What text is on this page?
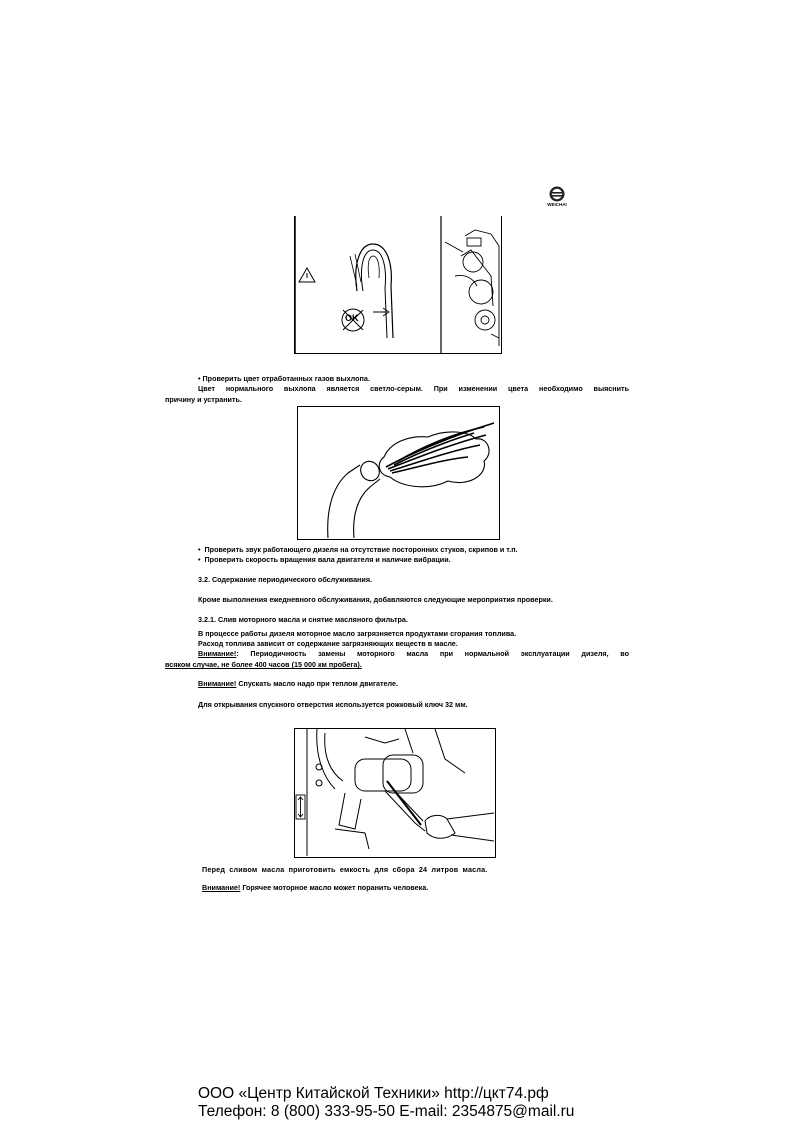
WEICHAI
OK
• Проверить цвет отработанных газов выхлопа.
Цвет нормального выхлопа является светло-серым. При изменении цвета необходимо выяснить
причину и устранить.
•  Проверить звук работающего дизеля на отсутствие посторонних стуков, скрипов и т.п.
•  Проверить скорость вращения вала двигателя и наличие вибрации.
3.2. Содержание периодического обслуживания.
Кроме выполнения ежедневного обслуживания, добавляются следующие мероприятия проверки.
3.2.1. Слив моторного масла и снятие масляного фильтра.
В процессе работы дизеля моторное масло загрязняется продуктами сгорания топлива.
Расход топлива зависит от содержание загрязняющих веществ в масле.
Внимание!: Периодичность замены моторного масла при нормальной эксплуатации дизеля, во
всяком случае, не более 400 часов (15 000 км пробега).
Внимание! Спускать масло надо при теплом двигателе.
Для открывания спускного отверстия используется рожковый ключ 32 мм.
Перед сливом масла приготовить емкость для сбора 24 литров масла.
Внимание! Горячее моторное масло может поранить человека.
ООО «Центр Китайской Техники» http://цкт74.рф
Телефон: 8 (800) 333-95-50 E-mail: 2354875@mail.ru
